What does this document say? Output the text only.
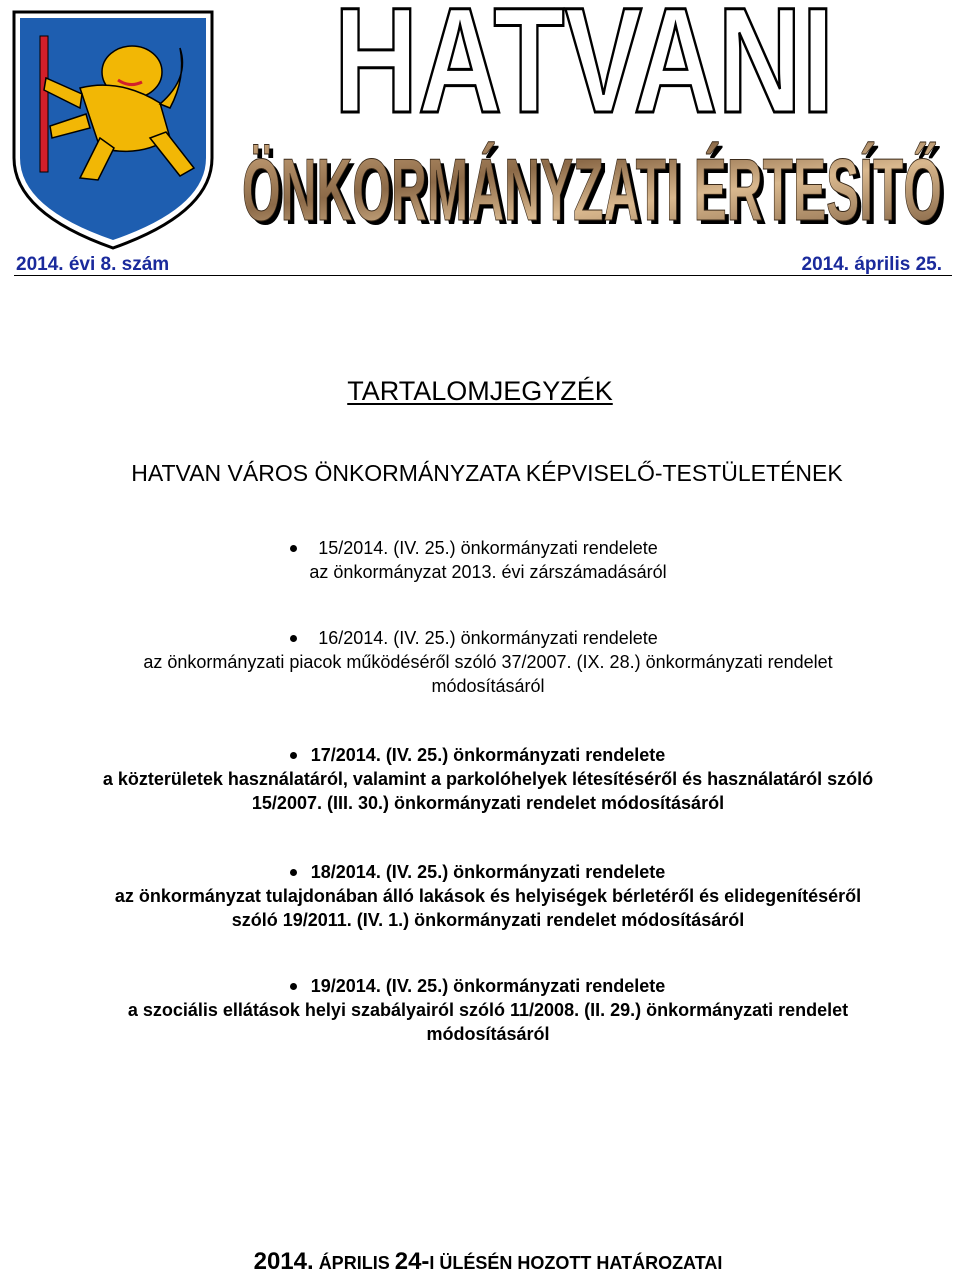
HATVANI
ÖNKORMÁNYZATI ÉRTESÍTŐ
ÖNKORMÁNYZATI ÉRTESÍTŐ
2014. évi 8. szám	2014. április 25.
TARTALOMJEGYZÉK
HATVAN VÁROS ÖNKORMÁNYZATA KÉPVISELŐ-TESTÜLETÉNEK
15/2014. (IV. 25.) önkormányzati rendelete
az önkormányzat 2013. évi zárszámadásáról
16/2014. (IV. 25.) önkormányzati rendelete
az önkormányzati piacok működéséről szóló 37/2007. (IX. 28.) önkormányzati rendelet
módosításáról
17/2014. (IV. 25.) önkormányzati rendelete
a közterületek használatáról, valamint a parkolóhelyek létesítéséről és használatáról szóló
15/2007. (III. 30.) önkormányzati rendelet módosításáról
18/2014. (IV. 25.) önkormányzati rendelete
az önkormányzat tulajdonában álló lakások és helyiségek bérletéről és elidegenítéséről
szóló 19/2011. (IV. 1.) önkormányzati rendelet módosításáról
19/2014. (IV. 25.) önkormányzati rendelete
a szociális ellátások helyi szabályairól szóló 11/2008. (II. 29.) önkormányzati rendelet
módosításáról
2014. ÁPRILIS 24-I ÜLÉSÉN HOZOTT HATÁROZATAI
